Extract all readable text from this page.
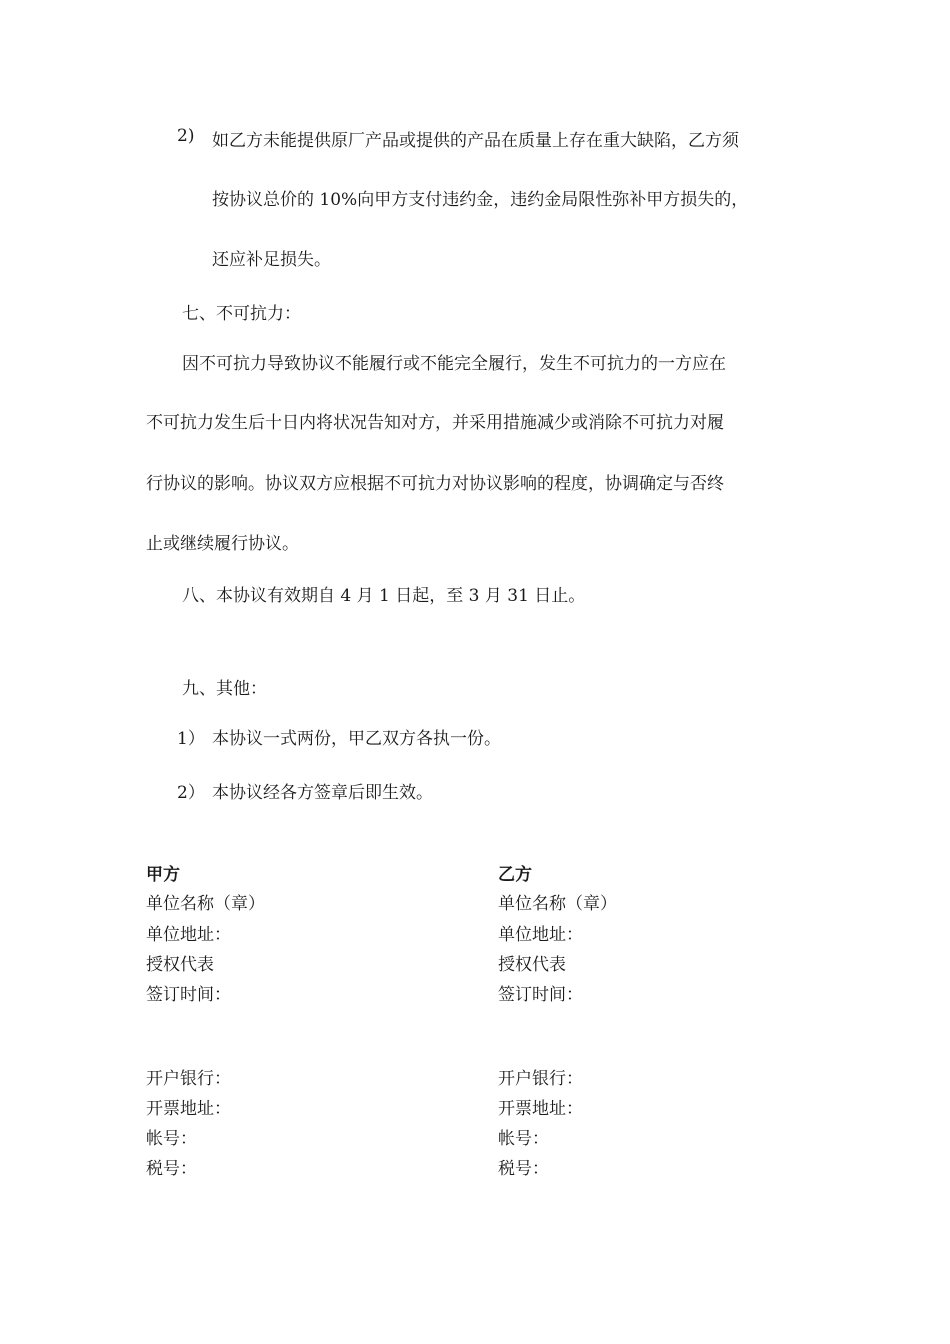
2) 如乙方未能提供原厂产品或提供的产品在质量上存在重大缺陷，乙方须
按协议总价的 10%向甲方支付违约金，违约金局限性弥补甲方损失的，
还应补足损失。
七、不可抗力：
因不可抗力导致协议不能履行或不能完全履行，发生不可抗力的一方应在
不可抗力发生后十日内将状况告知对方，并采用措施减少或消除不可抗力对履
行协议的影响。协议双方应根据不可抗力对协议影响的程度，协调确定与否终
止或继续履行协议。
八、本协议有效期自 4 月 1 日起，至 3 月 31 日止。
九、其他：
1） 本协议一式两份，甲乙双方各执一份。
2） 本协议经各方签章后即生效。
甲方
单位名称（章）
单位地址：
授权代表
签订时间：
开户银行：
开票地址：
帐号：
税号：
乙方
单位名称（章）
单位地址：
授权代表
签订时间：
开户银行：
开票地址：
帐号：
税号：
